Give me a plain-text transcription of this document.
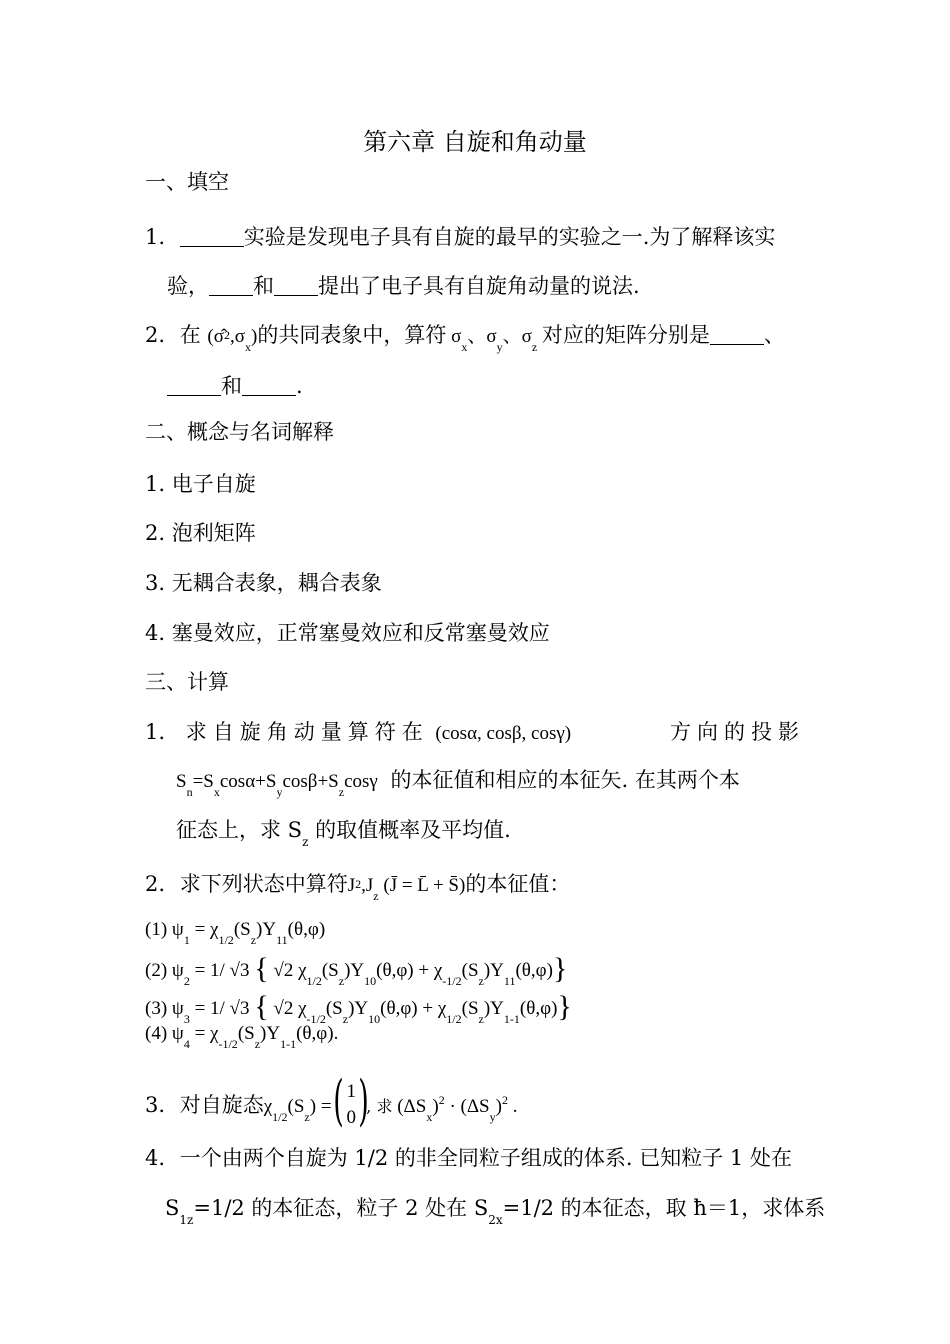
第六章 自旋和角动量
一、填空
1.	实验是发现电子具有自旋的最早的实验之一.为了解释该实
验， 和 提出了电子具有自旋角动量的说法.
2. 在 $(\sigmâ2,\sigma_x)$的共同表象中，算符 $\sigma_x$、$\sigma_y$、$\sigma_z$ 对应的矩阵分别是	、
和	.
二、概念与名词解释
1. 电子自旋
2. 泡利矩阵
3. 无耦合表象，耦合表象
4. 塞曼效应，正常塞曼效应和反常塞曼效应
三、计算
1. 求自旋角动量算符在 (cosα, cosβ, cosγ)	方向的投影
$S_n=S_x\cos\alpha+S_y\cos\beta+S_z\cos\gamma$ 的本征值和相应的本征矢. 在其两个本
征态上，求 $S_z$ 的取值概率及平均值.
2. 求下列状态中算符$J2,J_z$ (J̄ = L̄ + S̄)的本征值：
(1) $\psi_1 = \chi_{1/2}(S_z)Y_{11}(\theta,\varphi)$
(2) $\psi_2 = 1/$ √3 { √2 $\chi_{1/2}(S_z)Y_{10}(\theta,\varphi) + \chi_{-1/2}(S_z)Y_{11}(\theta,\varphi)$}
(3) $\psi_3 = 1/$ √3 { √2 $\chi_{-1/2}(S_z)Y_{10}(\theta,\varphi) + \chi_{1/2}(S_z)Y_{1-1}(\theta,\varphi)$}
(4) $\psi_4 = \chi_{-1/2}(S_z)Y_{1-1}(\theta,\varphi)$.
3. 对自旋态$\chi_{1/2}(S_z)$ =
( 1
0 )
, 求 $(\Delta S_x)^2 \cdot (\Delta S_y)^2$ .
4. 一个由两个自旋为 1/2 的非全同粒子组成的体系. 已知粒子 1 处在
$S_{1z}=1/2$ 的本征态，粒子 2 处在 $S_{2x}=1/2$ 的本征态，取 ħ＝1，求体系
